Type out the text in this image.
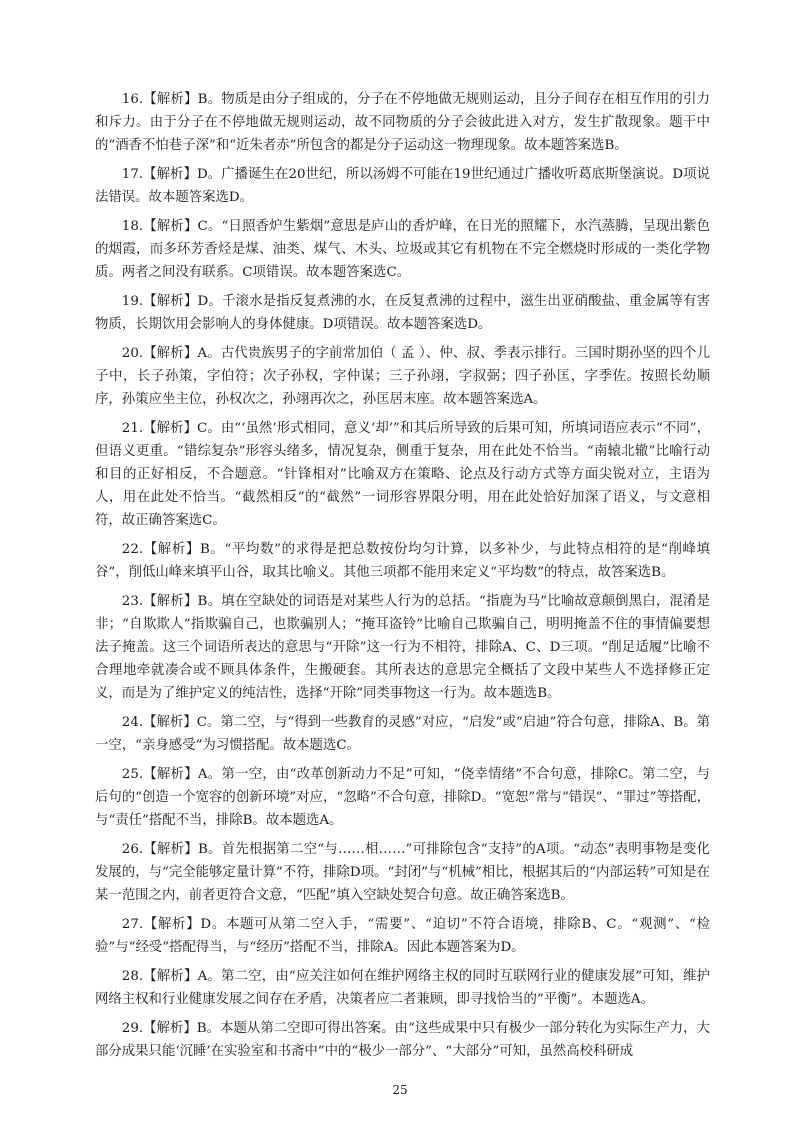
16.【解析】B。物质是由分子组成的，分子在不停地做无规则运动，且分子间存在相互作用的引力和斥力。由于分子在不停地做无规则运动，故不同物质的分子会彼此进入对方，发生扩散现象。题干中的“酒香不怕巷子深”和“近朱者赤”所包含的都是分子运动这一物理现象。故本题答案选B。

17.【解析】D。广播诞生在20世纪，所以汤姆不可能在19世纪通过广播收听葛底斯堡演说。D项说法错误。故本题答案选D。

18.【解析】C。“日照香炉生紫烟”意思是庐山的香炉峰，在日光的照耀下，水汽蒸腾，呈现出紫色的烟霞，而多环芳香烃是煤、油类、煤气、木头、垃圾或其它有机物在不完全燃烧时形成的一类化学物质。两者之间没有联系。C项错误。故本题答案选C。

19.【解析】D。千滚水是指反复煮沸的水，在反复煮沸的过程中，滋生出亚硝酸盐、重金属等有害物质，长期饮用会影响人的身体健康。D项错误。故本题答案选D。

20.【解析】A。古代贵族男子的字前常加伯（ 孟 ）、仲、叔、季表示排行。三国时期孙坚的四个儿子中，长子孙策，字伯符；次子孙权，字仲谋；三子孙翊，字叔弼；四子孙匡，字季佐。按照长幼顺序，孙策应坐主位，孙权次之，孙翊再次之，孙匡居末座。故本题答案选A。

21.【解析】C。由“‘虽然’形式相同，意义‘却’”和其后所导致的后果可知，所填词语应表示“不同”，但语义更重。“错综复杂”形容头绪多，情况复杂，侧重于复杂，用在此处不恰当。“南辕北辙”比喻行动和目的正好相反，不合题意。“针锋相对”比喻双方在策略、论点及行动方式等方面尖锐对立，主语为人，用在此处不恰当。“截然相反”的“截然”一词形容界限分明，用在此处恰好加深了语义，与文意相符，故正确答案选C。

22.【解析】B。“平均数”的求得是把总数按份均匀计算，以多补少，与此特点相符的是“削峰填谷”，削低山峰来填平山谷，取其比喻义。其他三项都不能用来定义“平均数”的特点，故答案选B。

23.【解析】B。填在空缺处的词语是对某些人行为的总括。“指鹿为马”比喻故意颠倒黑白，混淆是非；“自欺欺人”指欺骗自己，也欺骗别人；“掩耳盗铃”比喻自己欺骗自己，明明掩盖不住的事情偏要想法子掩盖。这三个词语所表达的意思与“开除”这一行为不相符，排除A、C、D三项。“削足适履”比喻不合理地牵就凑合或不顾具体条件，生搬硬套。其所表达的意思完全概括了文段中某些人不选择修正定义，而是为了维护定义的纯洁性，选择“开除”同类事物这一行为。故本题选B。

24.【解析】C。第二空，与“得到一些教育的灵感”对应，“启发”或“启迪”符合句意，排除A、B。第一空，“亲身感受”为习惯搭配。故本题选C。

25.【解析】A。第一空，由“改革创新动力不足”可知，“侥幸情绪”不合句意，排除C。第二空，与后句的“创造一个宽容的创新环境”对应，“忽略”不合句意，排除D。“宽恕”常与“错误”、“罪过”等搭配，与“责任”搭配不当，排除B。故本题选A。

26.【解析】B。首先根据第二空“与……相……”可排除包含“支持”的A项。“动态”表明事物是变化发展的，与“完全能够定量计算”不符，排除D项。“封闭”与“机械”相比，根据其后的“内部运转”可知是在某一范围之内，前者更符合文意，“匹配”填入空缺处契合句意。故正确答案选B。

27.【解析】D。本题可从第二空入手，“需要”、“迫切”不符合语境，排除B、C。“观测”、“检验”与“经受”搭配得当，与“经历”搭配不当，排除A。因此本题答案为D。

28.【解析】A。第二空，由“应关注如何在维护网络主权的同时互联网行业的健康发展”可知，维护网络主权和行业健康发展之间存在矛盾，决策者应二者兼顾，即寻找恰当的“平衡”。本题选A。

29.【解析】B。本题从第二空即可得出答案。由“这些成果中只有极少一部分转化为实际生产力，大部分成果只能‘沉睡’在实验室和书斋中”中的“极少一部分”、“大部分”可知，虽然高校科研成

25
